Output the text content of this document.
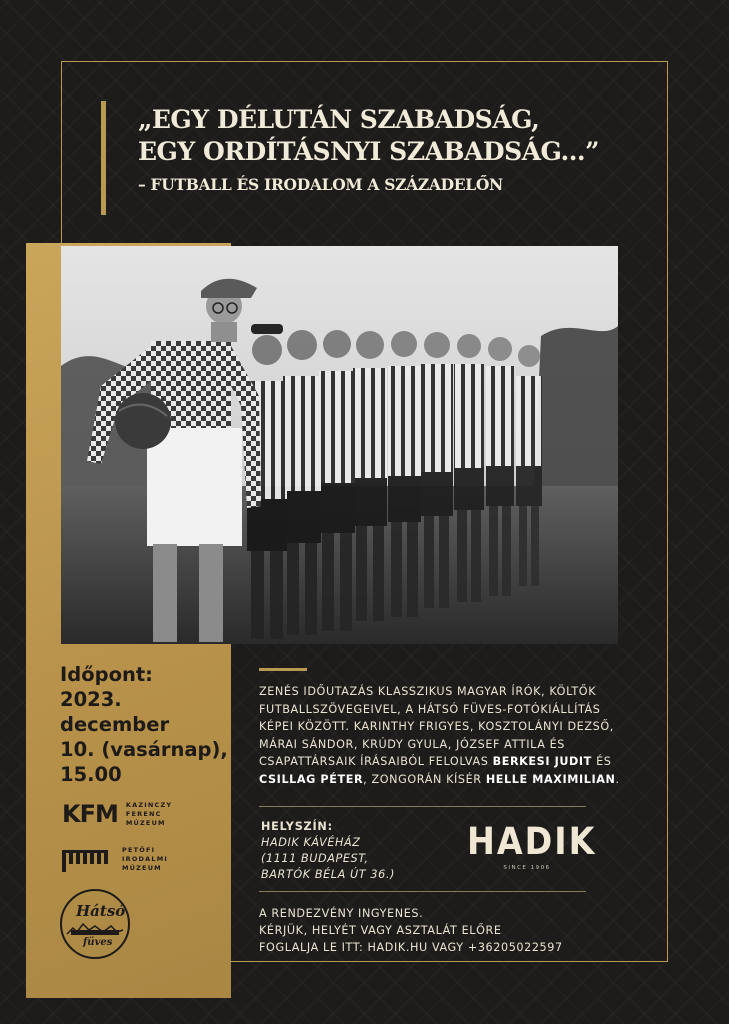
„EGY DÉLUTÁN SZABADSÁG,
EGY ORDÍTÁSNYI SZABADSÁG...”
– FUTBALL ÉS IRODALOM A SZÁZADELŐN
Időpont:
2023.
december
10. (vasárnap),
15.00
KFM KAZINCZY
FERENC
MÚZEUM
PETŐFI
IRODALMI
MÚZEUM
Hátsó
füves

ZENÉS IDŐUTAZÁS KLASSZIKUS MAGYAR ÍRÓK, KÖLTŐK FUTBALLSZÖVEGEIVEL, A HÁTSÓ FÜVES-FOTÓKIÁLLÍTÁS KÉPEI KÖZÖTT. KARINTHY FRIGYES, KOSZTOLÁNYI DEZSŐ, MÁRAI SÁNDOR, KRÚDY GYULA, JÓZSEF ATTILA ÉS CSAPATTÁRSAIK ÍRÁSAIBÓL FELOLVAS BERKESI JUDIT ÉS CSILLAG PÉTER, ZONGORÁN KÍSÉR HELLE MAXIMILIAN.

HELYSZÍN:
HADIK KÁVÉHÁZ
(1111 BUDAPEST,
BARTÓK BÉLA ÚT 36.)
HADIK
SINCE 1906

A RENDEZVÉNY INGYENES.
KÉRJÜK, HELYÉT VAGY ASZTALÁT ELŐRE
FOGLALJA LE ITT: HADIK.HU VAGY +36205022597
